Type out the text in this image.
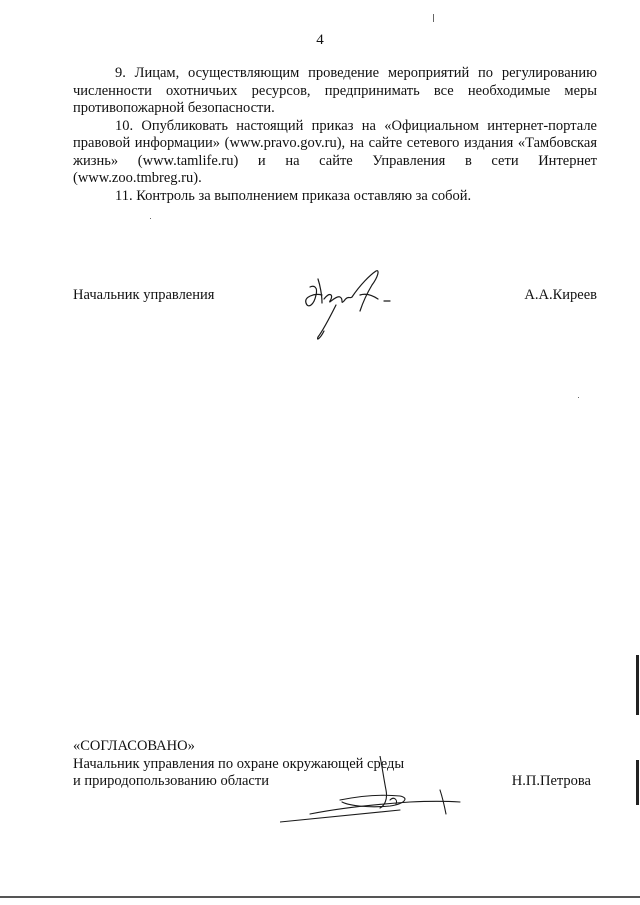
4

9. Лицам, осуществляющим проведение мероприятий по регулированию численности охотничьих ресурсов, предпринимать все необходимые меры противопожарной безопасности.

10. Опубликовать настоящий приказ на «Официальном интернет-портале правовой информации» (www.pravo.gov.ru), на сайте сетевого издания «Тамбовская жизнь» (www.tamlife.ru) и на сайте Управления в сети Интернет (www.zoo.tmbreg.ru).

11. Контроль за выполнением приказа оставляю за собой.

Начальник управления	А.А.Киреев
«СОГЛАСОВАНО»
Начальник управления по охране окружающей среды
и природопользованию области	Н.П.Петрова
